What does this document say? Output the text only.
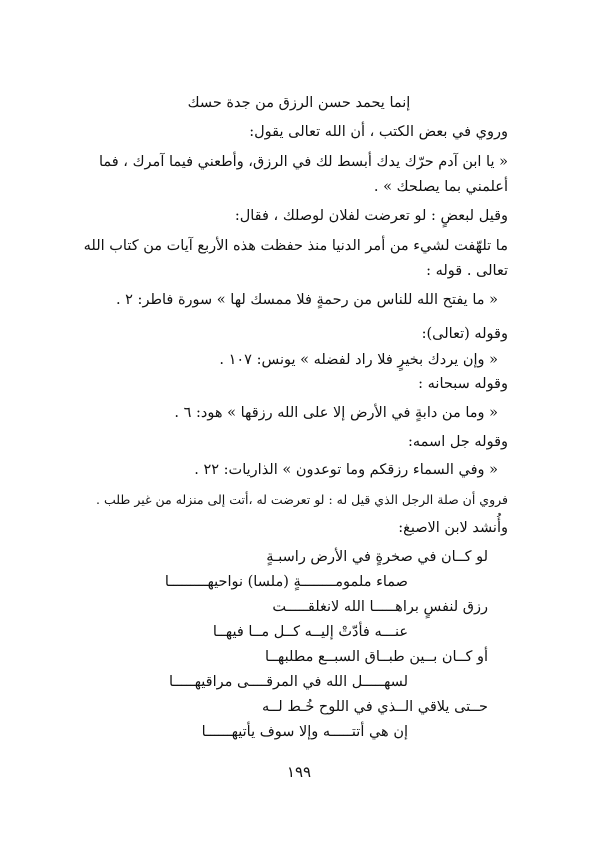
إنما يحمد حسن الرزق من جدة حسك
وروي في بعض الكتب ، أن الله تعالى يقول:
« يا ابن آدم حرّك يدك أبسط لك في الرزق، وأطعني فيما آمرك ، فما
أعلمني بما يصلحك » .
وقيل لبعضٍ : لو تعرضت لفلان لوصلك ، فقال:
ما تلهّفت لشيء من أمر الدنيا منذ حفظت هذه الأربع آيات من كتاب الله
تعالى . قوله :
« ما يفتح الله للناس من رحمةٍ فلا ممسك لها » سورة فاطر: ٢ .
وقوله (تعالى):
« وإن يردك بخيرٍ فلا راد لفضله » يونس: ١٠٧ .
وقوله سبحانه :
« وما من دابةٍ في الأرض إلا على الله رزقها » هود: ٦ .
وقوله جل اسمه:
« وفي السماء رزقكم وما توعدون » الذاريات: ٢٢ .
فروي أن صلة الرجل الذي قيل له : لو تعرضت له ،أتت إلى منزله من غير طلب .
وأُنشد لابن الاصبغ:
لو كــان في صخرةٍ في الأرض راسبـةٍ
صماء ملمومــــــــةٍ (ملسا) نواحيهـــــــــا
رزق لنفسٍ براهـــــا الله لانغلقـــــت
عنـــه فأدّتْ إليــه كــل مــا فيهــا
أو كــان بــين طبــاق السبــع مطلبهــا
لسهـــــل الله في المرقــــى مراقيهـــــا
حــتى يلاقي الــذي في اللوح خُـط لــه
إن هي أتتـــــه وإلا سوف يأتيهــــــا
١٩٩
